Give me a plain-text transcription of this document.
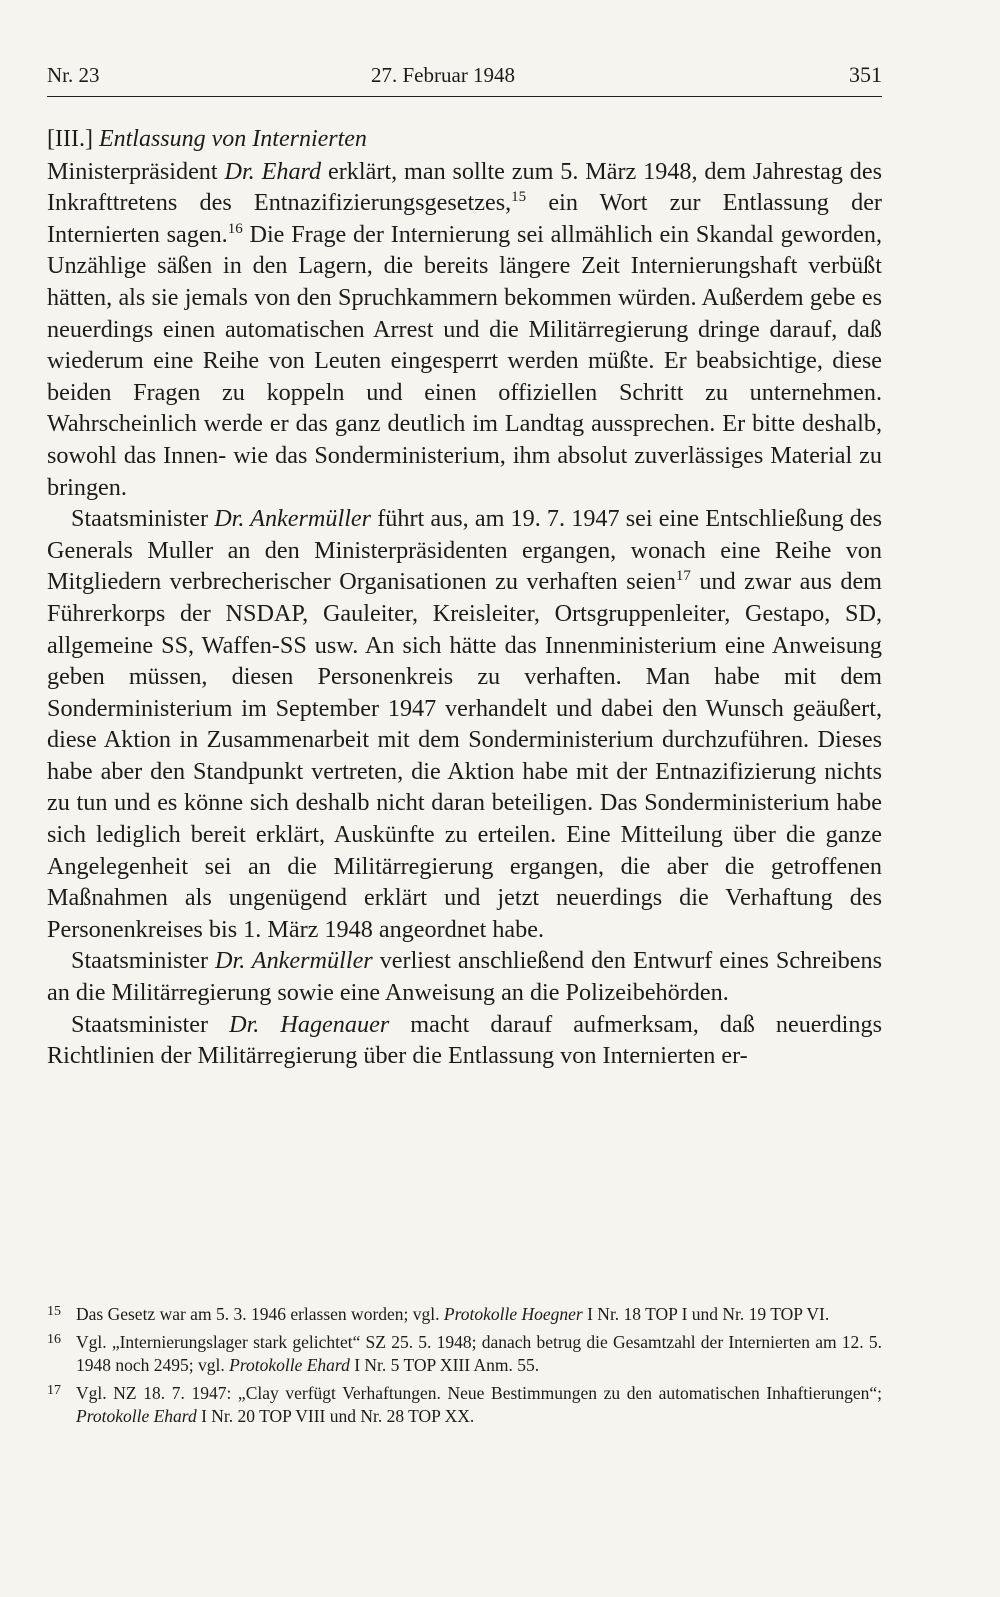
Nr. 23	27. Februar 1948	351

[III.] Entlassung von Internierten

Ministerpräsident Dr. Ehard erklärt, man sollte zum 5. März 1948, dem Jahrestag des Inkrafttretens des Entnazifizierungsgesetzes,$^{15}$ ein Wort zur Entlassung der Internierten sagen.$^{16}$ Die Frage der Internierung sei allmählich ein Skandal geworden, Unzählige säßen in den Lagern, die bereits längere Zeit Internierungshaft verbüßt hätten, als sie jemals von den Spruchkammern bekommen würden. Außerdem gebe es neuerdings einen automatischen Arrest und die Militärregierung dringe darauf, daß wiederum eine Reihe von Leuten eingesperrt werden müßte. Er beabsichtige, diese beiden Fragen zu koppeln und einen offiziellen Schritt zu unternehmen. Wahrscheinlich werde er das ganz deutlich im Landtag aussprechen. Er bitte deshalb, sowohl das Innen- wie das Sonderministerium, ihm absolut zuverlässiges Material zu bringen.

Staatsminister Dr. Ankermüller führt aus, am 19. 7. 1947 sei eine Entschließung des Generals Muller an den Ministerpräsidenten ergangen, wonach eine Reihe von Mitgliedern verbrecherischer Organisationen zu verhaften seien$^{17}$ und zwar aus dem Führerkorps der NSDAP, Gauleiter, Kreisleiter, Ortsgruppenleiter, Gestapo, SD, allgemeine SS, Waffen-SS usw. An sich hätte das Innenministerium eine Anweisung geben müssen, diesen Personenkreis zu verhaften. Man habe mit dem Sonderministerium im September 1947 verhandelt und dabei den Wunsch geäußert, diese Aktion in Zusammenarbeit mit dem Sonderministerium durchzuführen. Dieses habe aber den Standpunkt vertreten, die Aktion habe mit der Entnazifizierung nichts zu tun und es könne sich deshalb nicht daran beteiligen. Das Sonderministerium habe sich lediglich bereit erklärt, Auskünfte zu erteilen. Eine Mitteilung über die ganze Angelegenheit sei an die Militärregierung ergangen, die aber die getroffenen Maßnahmen als ungenügend erklärt und jetzt neuerdings die Verhaftung des Personenkreises bis 1. März 1948 angeordnet habe.

Staatsminister Dr. Ankermüller verliest anschließend den Entwurf eines Schreibens an die Militärregierung sowie eine Anweisung an die Polizeibehörden.

Staatsminister Dr. Hagenauer macht darauf aufmerksam, daß neuerdings Richtlinien der Militärregierung über die Entlassung von Internierten er-

15 Das Gesetz war am 5. 3. 1946 erlassen worden; vgl. Protokolle Hoegner I Nr. 18 TOP I und Nr. 19 TOP VI.
16 Vgl. „Internierungslager stark gelichtet“ SZ 25. 5. 1948; danach betrug die Gesamtzahl der Internierten am 12. 5. 1948 noch 2495; vgl. Protokolle Ehard I Nr. 5 TOP XIII Anm. 55.
17 Vgl. NZ 18. 7. 1947: „Clay verfügt Verhaftungen. Neue Bestimmungen zu den automatischen Inhaftierungen“; Protokolle Ehard I Nr. 20 TOP VIII und Nr. 28 TOP XX.
